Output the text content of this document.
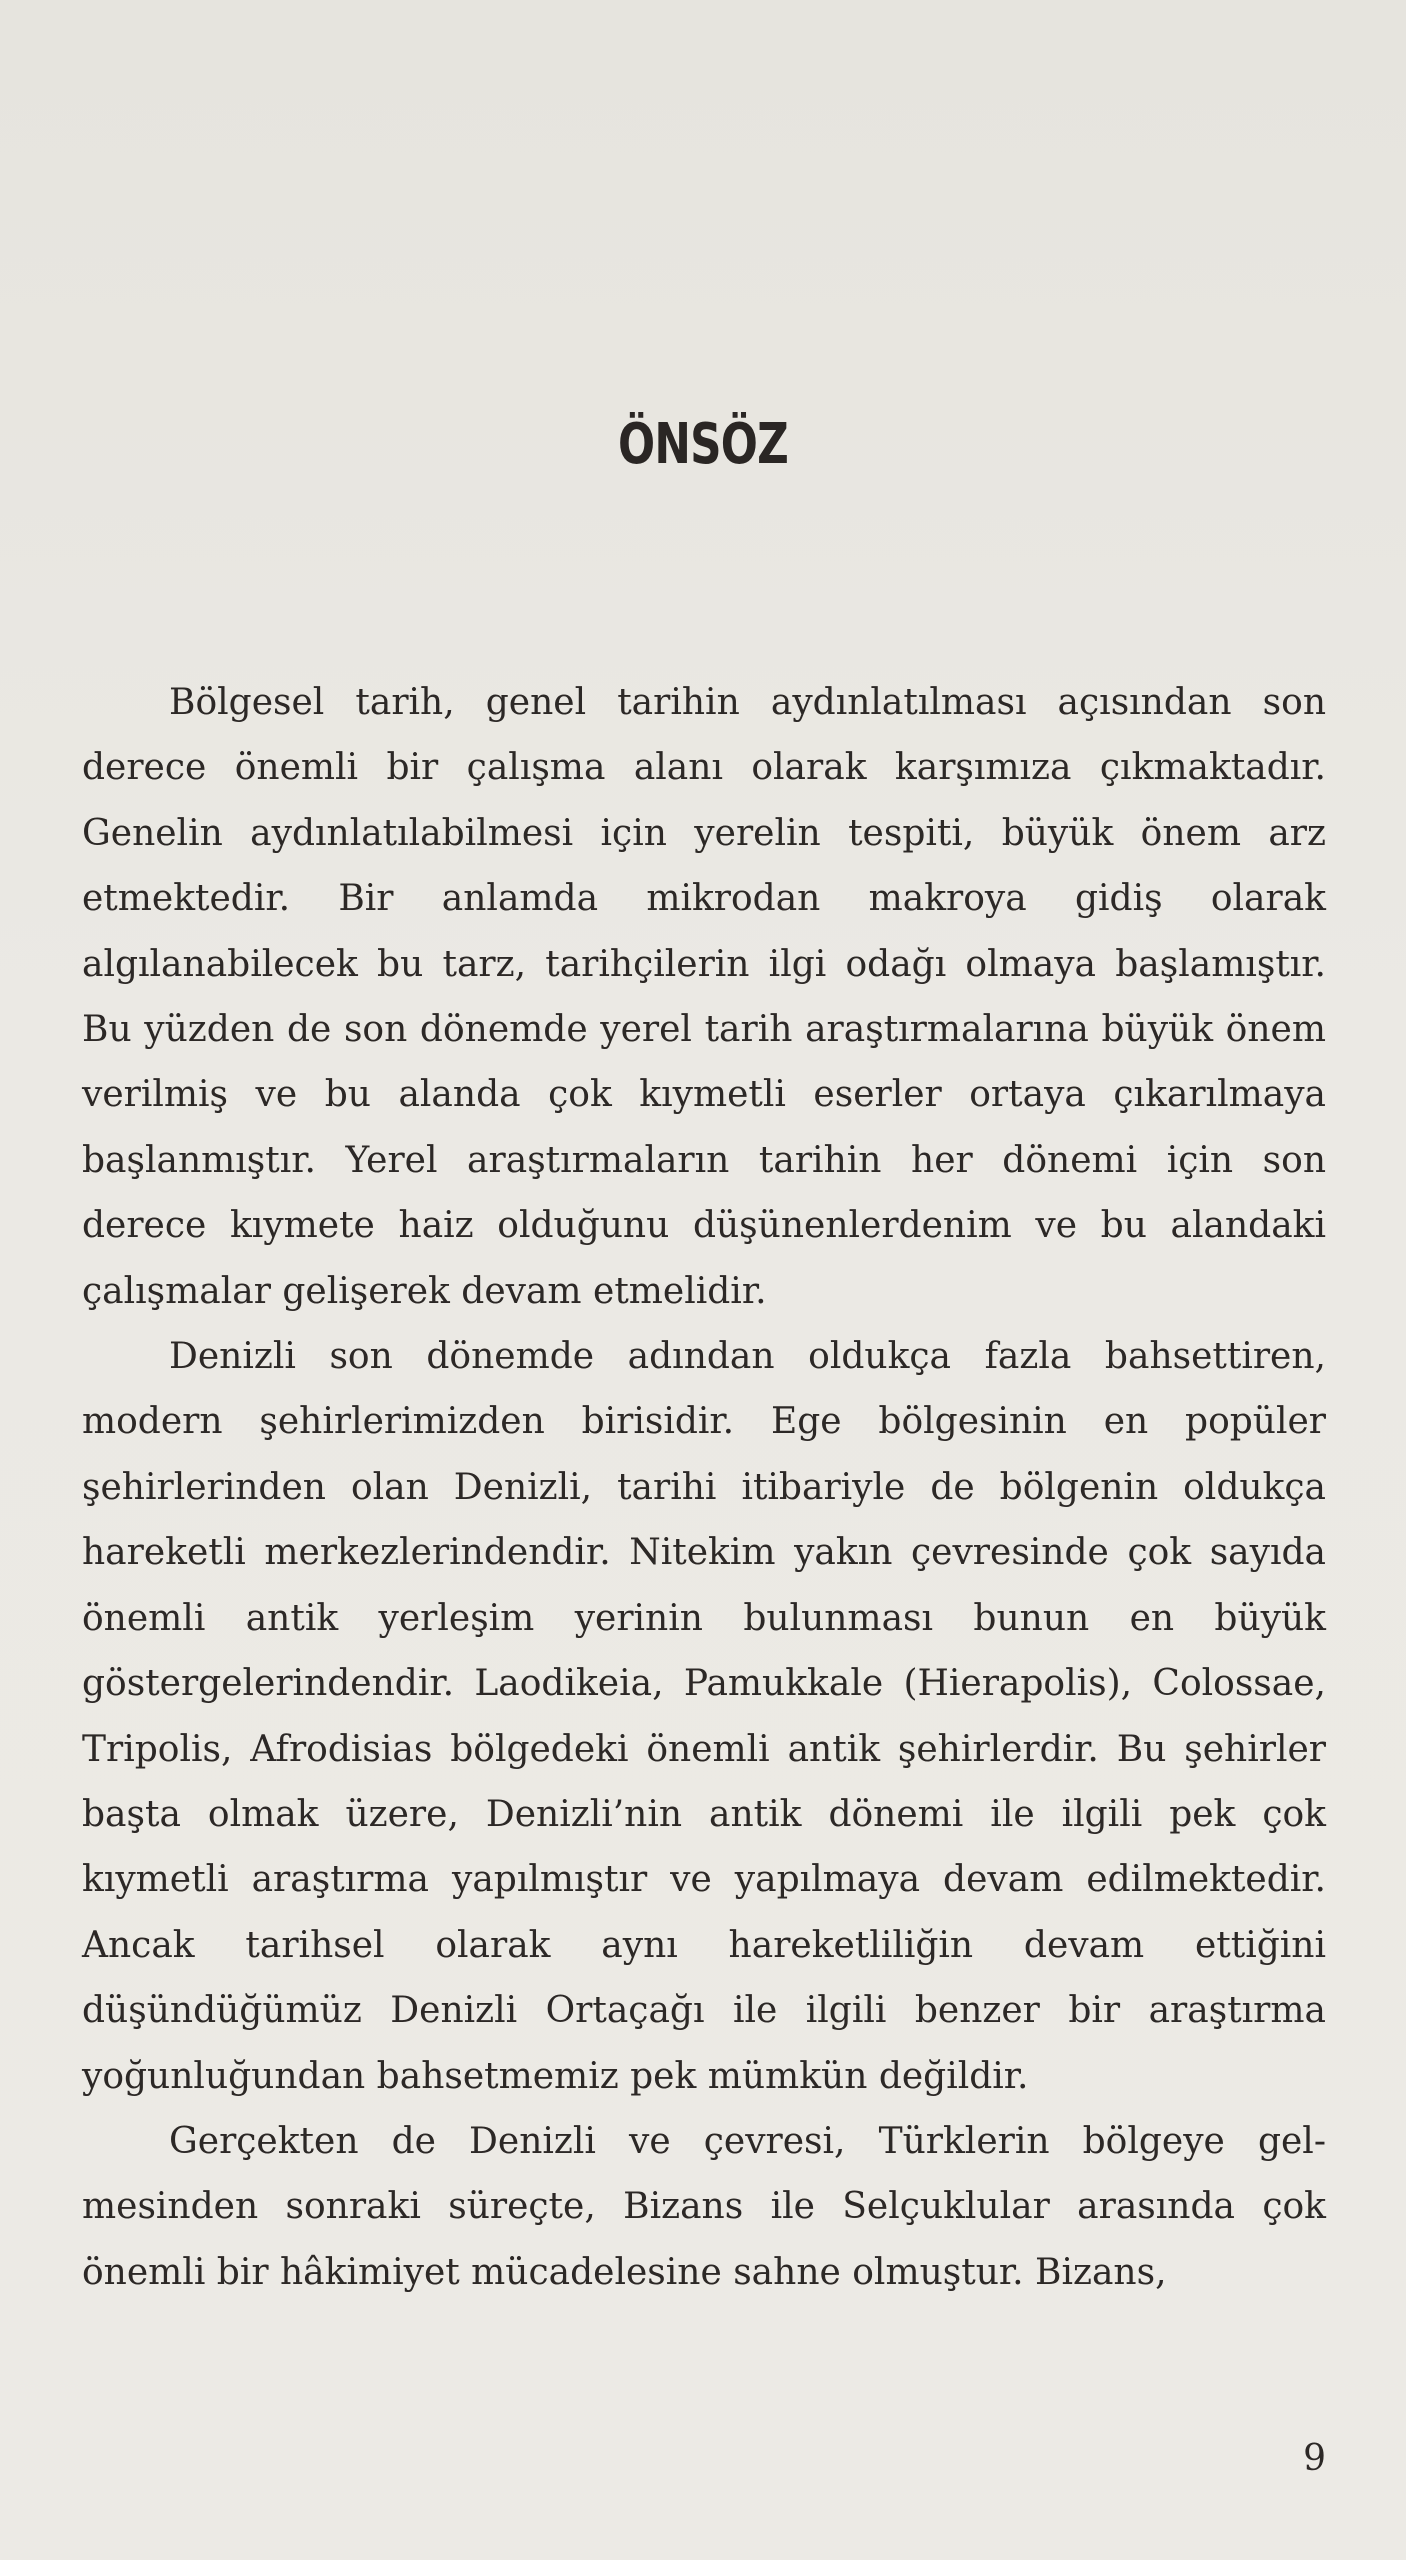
ÖNSÖZ

Bölgesel tarih, genel tarihin aydınlatılması açısından son derece önemli bir çalışma alanı olarak karşımıza çıkmaktadır. Genelin aydınlatılabilmesi için yerelin tespiti, büyük önem arz etmektedir. Bir anlamda mikrodan makroya gidiş olarak algılanabilecek bu tarz, tarihçilerin ilgi odağı olmaya başlamıştır. Bu yüzden de son dönemde yerel tarih araştırmalarına büyük önem verilmiş ve bu alanda çok kıymetli eserler ortaya çıkarılmaya başlanmıştır. Yerel araştırmaların tarihin her dönemi için son derece kıymete haiz olduğunu düşünenlerdenim ve bu alandaki çalışmalar gelişerek devam etmelidir.

Denizli son dönemde adından oldukça fazla bahsettiren, modern şehirlerimizden birisidir. Ege bölgesinin en popüler şehirlerinden olan Denizli, tarihi itibariyle de bölgenin oldukça hareketli merkezlerindendir. Nitekim yakın çevresinde çok sayıda önemli antik yerleşim yerinin bulunması bunun en büyük göstergelerindendir. Laodikeia, Pamukkale (Hierapolis), Colossae, Tripolis, Afrodisias bölgedeki önemli antik şehirlerdir. Bu şehirler başta olmak üzere, Denizli’nin antik dönemi ile ilgili pek çok kıymetli araştırma yapılmıştır ve yapılmaya devam edilmektedir. Ancak tarihsel olarak aynı hareketliliğin devam ettiğini düşündüğümüz Denizli Ortaçağı ile ilgili benzer bir araştırma yoğunluğundan bahsetmemiz pek mümkün değildir.

Gerçekten de Denizli ve çevresi, Türklerin bölgeye gelmesinden sonraki süreçte, Bizans ile Selçuklular arasında çok önemli bir hâkimiyet mücadelesine sahne olmuştur. Bizans,

9
